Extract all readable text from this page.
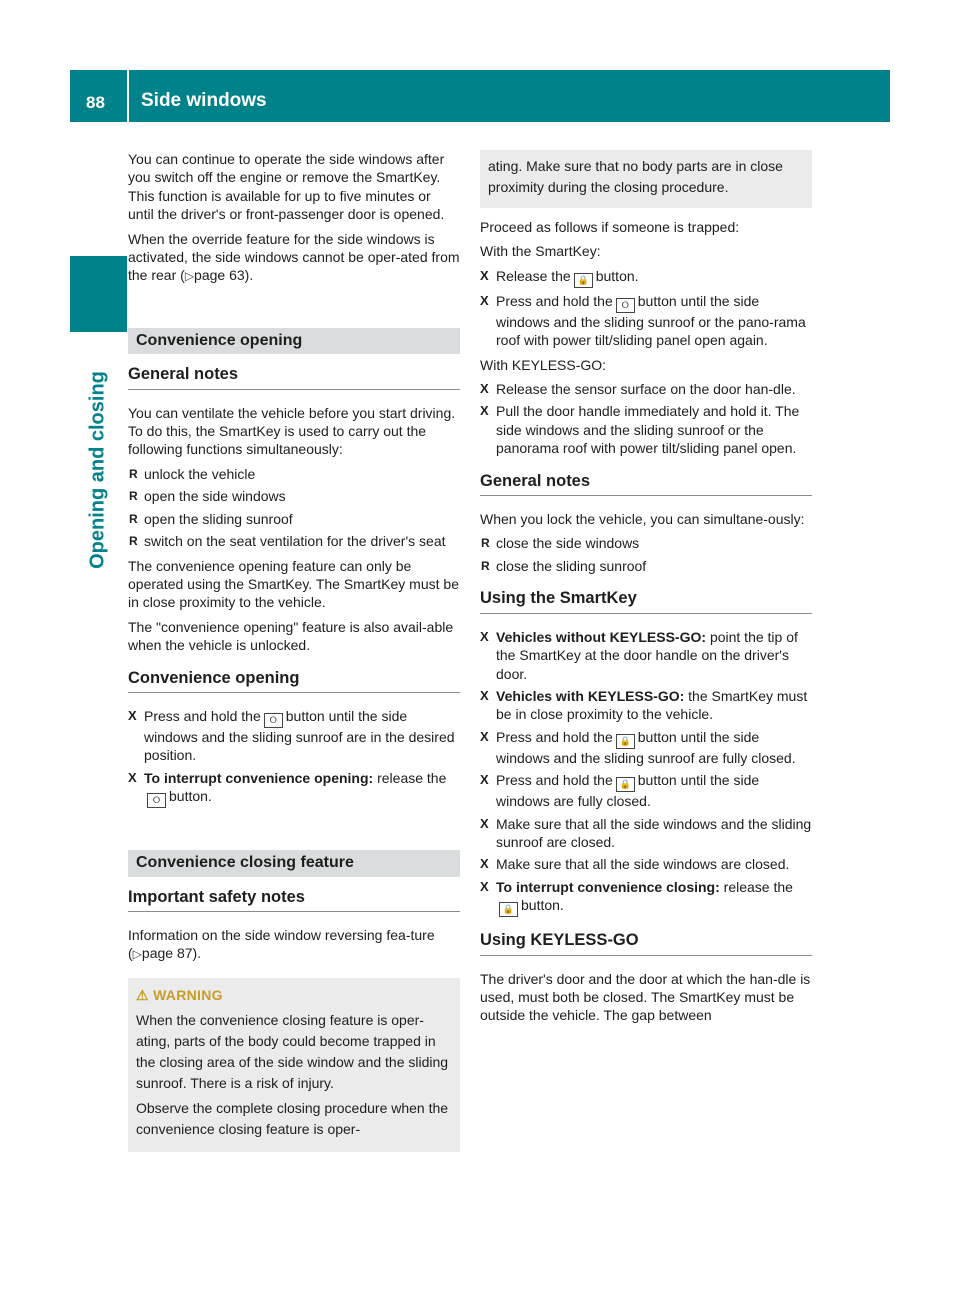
88 Side windows
Opening and closing

You can continue to operate the side windows after you switch off the engine or remove the SmartKey. This function is available for up to five minutes or until the driver's or front-passenger door is opened.

When the override feature for the side windows is activated, the side windows cannot be oper-ated from the rear (▷page 63).

Convenience opening
General notes

You can ventilate the vehicle before you start driving. To do this, the SmartKey is used to carry out the following functions simultaneously:

R unlock the vehicle
R open the side windows
R open the sliding sunroof
R switch on the seat ventilation for the driver's seat

The convenience opening feature can only be operated using the SmartKey. The SmartKey must be in close proximity to the vehicle.

The "convenience opening" feature is also avail-able when the vehicle is unlocked.

Convenience opening
X Press and hold the ⭘ button until the side windows and the sliding sunroof are in the desired position.
X To interrupt convenience opening: release the⭘ button.
Convenience closing feature
Important safety notes

Information on the side window reversing fea-ture (▷page 87).

⚠ WARNING

When the convenience closing feature is oper-ating, parts of the body could become trapped in the closing area of the side window and the sliding sunroof. There is a risk of injury.

Observe the complete closing procedure when the convenience closing feature is oper-

ating. Make sure that no body parts are in close proximity during the closing procedure.

Proceed as follows if someone is trapped:

With the SmartKey:

X Release the 🔒 button.
X Press and hold the ⭘ button until the side windows and the sliding sunroof or the pano-rama roof with power tilt/sliding panel open again.

With KEYLESS-GO:

X Release the sensor surface on the door han-dle.
X Pull the door handle immediately and hold it. The side windows and the sliding sunroof or the panorama roof with power tilt/sliding panel open.
General notes

When you lock the vehicle, you can simultane-ously:

R close the side windows
R close the sliding sunroof
Using the SmartKey
X Vehicles without KEYLESS-GO: point the tip of the SmartKey at the door handle on the driver's door.
X Vehicles with KEYLESS-GO: the SmartKey must be in close proximity to the vehicle.
X Press and hold the 🔒 button until the side windows and the sliding sunroof are fully closed.
X Press and hold the 🔒 button until the side windows are fully closed.
X Make sure that all the side windows and the sliding sunroof are closed.
X Make sure that all the side windows are closed.
X To interrupt convenience closing: release the🔒 button.
Using KEYLESS-GO

The driver's door and the door at which the han-dle is used, must both be closed. The SmartKey must be outside the vehicle. The gap between
